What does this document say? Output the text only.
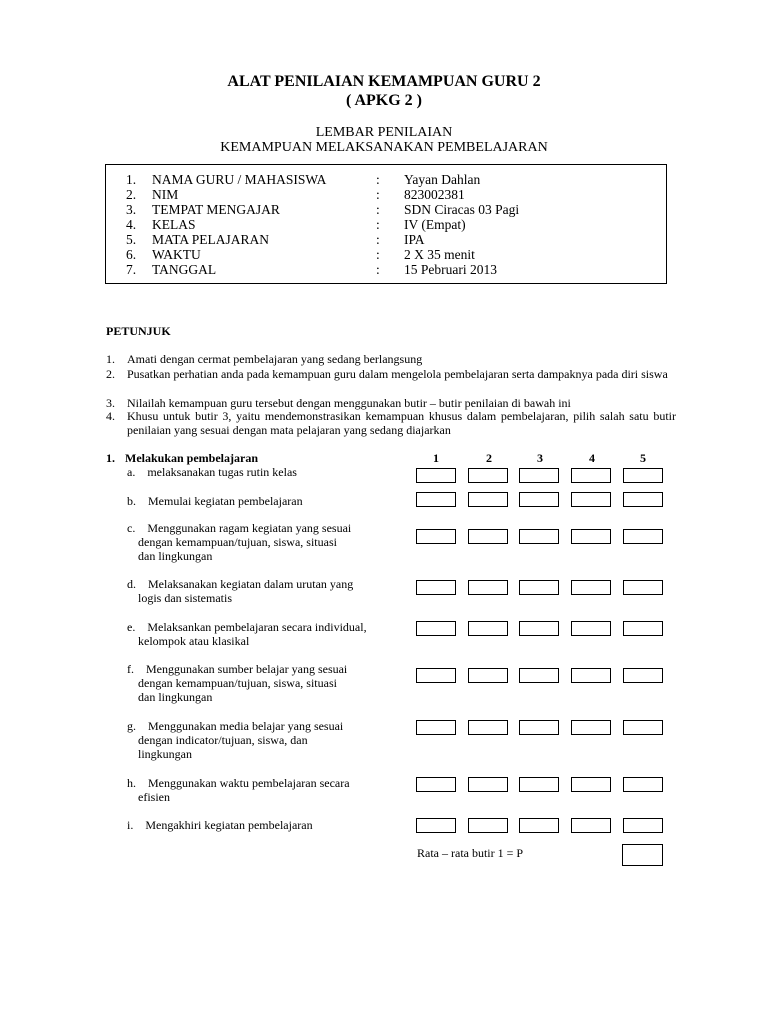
ALAT PENILAIAN KEMAMPUAN GURU 2
( APKG 2 )
LEMBAR PENILAIAN
KEMAMPUAN MELAKSANAKAN PEMBELAJARAN
1.	NAMA GURU / MAHASISWA	: Yayan Dahlan
2.	NIM	: 823002381
3.	TEMPAT MENGAJAR	: SDN Ciracas 03 Pagi
4.	KELAS	: IV (Empat)
5.	MATA PELAJARAN	: IPA
6.	WAKTU	: 2 X 35 menit
7.	TANGGAL	: 15 Pebruari 2013
PETUNJUK
1. Amati dengan cermat pembelajaran yang sedang berlangsung
2. Pusatkan perhatian anda pada kemampuan guru dalam mengelola pembelajaran serta dampaknya pada diri siswa
3. Nilailah kemampuan guru tersebut dengan menggunakan butir – butir penilaian di bawah ini
4. Khusu untuk butir 3, yaitu mendemonstrasikan kemampuan khusus dalam pembelajaran, pilih salah satu butir penilaian yang sesuai dengan mata pelajaran yang sedang diajarkan
1. Melakukan pembelajaran	1	2	3	4	5
a. melaksanakan tugas rutin kelas
b. Memulai kegiatan pembelajaran
c. Menggunakan ragam kegiatan yang sesuai
dengan kemampuan/tujuan, siswa, situasi
dan lingkungan
d. Melaksanakan kegiatan dalam urutan yang
logis dan sistematis
e. Melaksankan pembelajaran secara individual,
kelompok atau klasikal
f. Menggunakan sumber belajar yang sesuai
dengan kemampuan/tujuan, siswa, situasi
dan lingkungan
g. Menggunakan media belajar yang sesuai
dengan indicator/tujuan, siswa, dan
lingkungan
h. Menggunakan waktu pembelajaran secara
efisien
i. Mengakhiri kegiatan pembelajaran
Rata – rata butir 1 = P
